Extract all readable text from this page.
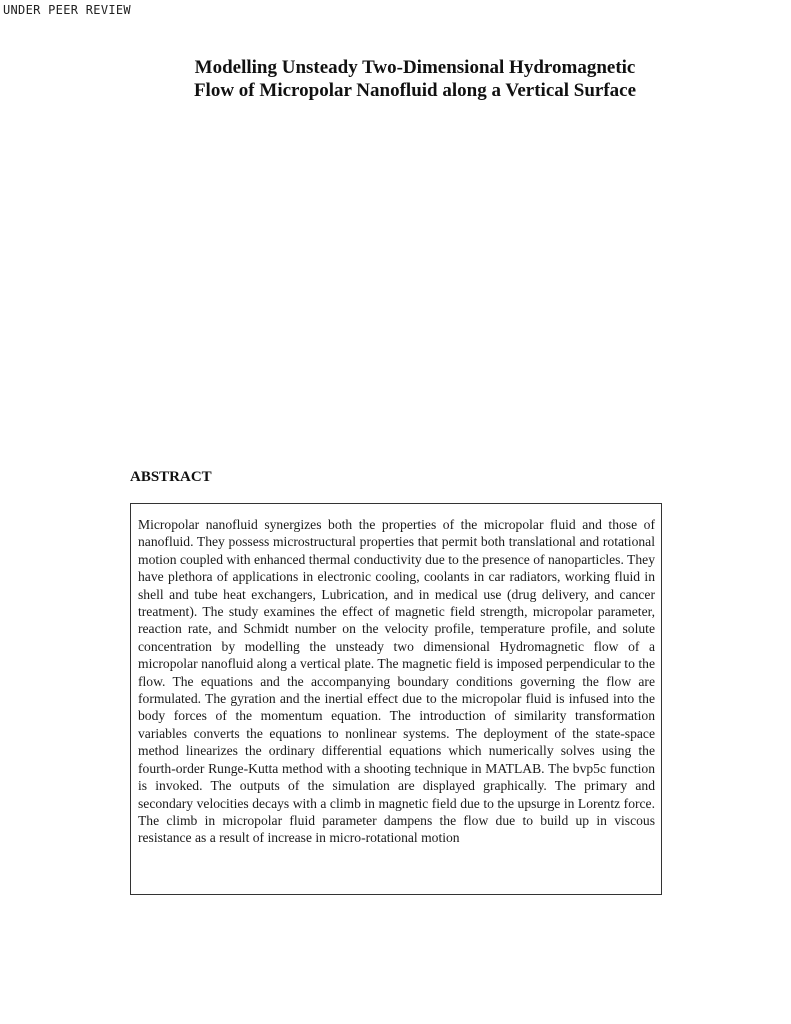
UNDER PEER REVIEW
Modelling Unsteady Two-Dimensional Hydromagnetic
Flow of Micropolar Nanofluid along a Vertical Surface
ABSTRACT

Micropolar nanofluid synergizes both the properties of the micropolar fluid and those of nanofluid. They possess microstructural properties that permit both translational and rotational motion coupled with enhanced thermal conductivity due to the presence of nanoparticles. They have plethora of applications in electronic cooling, coolants in car radiators, working fluid in shell and tube heat exchangers, Lubrication, and in medical use (drug delivery, and cancer treatment). The study examines the effect of magnetic field strength, micropolar parameter, reaction rate, and Schmidt number on the velocity profile, temperature profile, and solute concentration by modelling the unsteady two dimensional Hydromagnetic flow of a micropolar nanofluid along a vertical plate. The magnetic field is imposed perpendicular to the flow. The equations and the accompanying boundary conditions governing the flow are formulated. The gyration and the inertial effect due to the micropolar fluid is infused into the body forces of the momentum equation. The introduction of similarity transformation variables converts the equations to nonlinear systems. The deployment of the state-space method linearizes the ordinary differential equations which numerically solves using the fourth-order Runge-Kutta method with a shooting technique in MATLAB. The bvp5c function is invoked. The outputs of the simulation are displayed graphically. The primary and secondary velocities decays with a climb in magnetic field due to the upsurge in Lorentz force. The climb in micropolar fluid parameter dampens the flow due to build up in viscous resistance as a result of increase in micro-rotational motion
